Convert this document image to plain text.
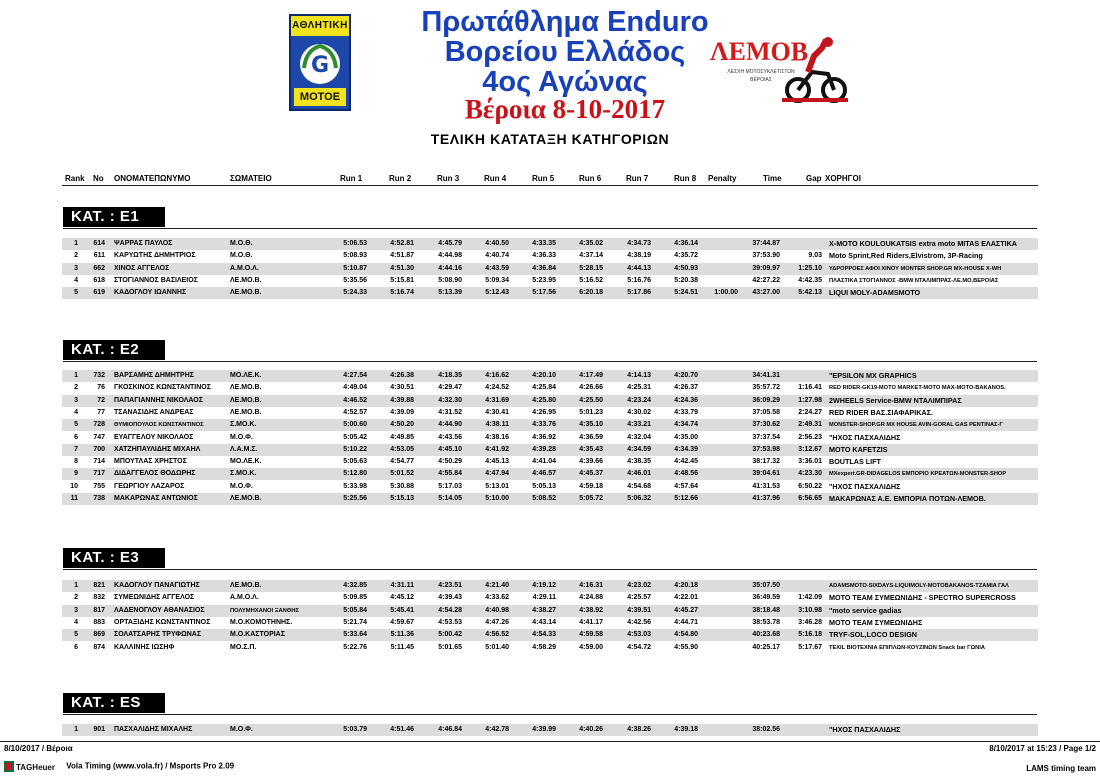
ΑΘΛΗΤΙΚΗ
G
ΜΟΤΟΕ
Πρωτάθλημα Enduro
Βορείου Ελλάδος
4ος Αγώνας
Βέροια 8-10-2017
ΛΕΜΟΒ
ΛΕΣΧΗ ΜΟΤΟΣΥΚΛΕΤΙΣΤΩΝ
ΒΕΡΟΙΑΣ
ΤΕΛΙΚΗ ΚΑΤΑΤΑΞΗ ΚΑΤΗΓΟΡΙΩΝ
Rank No ΟΝΟΜΑΤΕΠΩΝΥΜΟ	ΣΩΜΑΤΕΙΟ	Run 1	Run 2	Run 3	Run 4	Run 5	Run 6	Run 7	Run 8 Penalty	Time	Gap ΧΟΡΗΓΟΙ
ΚΑΤ. : E1
1 614 ΨΑΡΡΑΣ ΠΑΥΛΟΣ	Μ.Ο.Θ.	5:06.53	4:52.81	4:45.79	4:40.50	4:33.35	4:35.02	4:34.73	4:36.14	37:44.87	X-MOTO KOULOUKATSIS extra moto MITAS ΕΛΑΣΤΙΚΑ
2 611 ΚΑΡΥΩΤΗΣ ΔΗΜΗΤΡΙΟΣ	Μ.Ο.Θ.	5:08.93	4:51.87	4:44.98	4:40.74	4:36.33	4:37.14	4:38.19	4:35.72	37:53.90	9.03 Moto Sprint,Red Riders,Elvistrom, 3P-Racing
3 662 ΧΙΝΟΣ ΑΓΓΕΛΟΣ	Α.Μ.Ο.Λ.	5:10.87	4:51.30	4:44.16	4:43.59	4:36.84	5:28.15	4:44.13	4:50.93	39:09.97	1:25.10 ΥΔΡΟΡΡΟΕΣ ΑΦΟΙ ΧΙΝΟΥ MONTER SHOP.GR MX-HOUSE X-WH
4 618 ΣΤΟΓΙΑΝΝΟΣ ΒΑΣΙΛΕΙΟΣ	ΛΕ.ΜΟ.Β.	5:35.56	5:15.81	5:08.90	5:09.34	5:23.95	5:16.52	5:16.76	5:20.38	42:27.22	4:42.35 ΠΛΑΣΤΙΚΑ ΣΤΟΓΙΑΝΝΟΣ -BMW ΝΤΑΛΙΜΠΡΑΣ-ΛΕ.ΜΟ.ΒΕΡΟΙΑΣ
5 619 ΚΑΔΟΓΛΟΥ ΙΩΑΝΝΗΣ	ΛΕ.ΜΟ.Β.	5:24.33	5:16.74	5:13.39	5:12.43	5:17.56	6:20.18	5:17.86	5:24.51 1:00.00 43:27.00	5:42.13 LIQUI MOLY-ADAMSMOTO
ΚΑΤ. : E2
1 732 ΒΑΡΣΑΜΗΣ ΔΗΜΗΤΡΗΣ	ΜΟ.ΛΕ.Κ.	4:27.54	4:26.38	4:18.35	4:16.62	4:20.10	4:17.49	4:14.13	4:20.70	34:41.31	"EPSILON MX GRAPHICS
2	76 ΓΚΟΣΚΙΝΟΣ ΚΩΝΣΤΑΝΤΙΝΟΣ	ΛΕ.ΜΟ.Β.	4:49.04	4:30.51	4:29.47	4:24.52	4:25.84	4:26.66	4:25.31	4:26.37	35:57.72	1:16.41 RED RIDER-GK19-MOTO MARKET-MOTO MAX-MOTO-BAKANOS.
3	72 ΠΑΠΑΓΙΑΝΝΗΣ ΝΙΚΟΛΑΟΣ	ΛΕ.ΜΟ.Β.	4:46.52	4:39.88	4:32.30	4:31.69	4:25.80	4:25.50	4:23.24	4:24.36	36:09.29	1:27.98 2WHEELS Service-BMW ΝΤΑΛΙΜΠΙΡΑΣ
4	77 ΤΣΑΝΑΣΙΔΗΣ ΑΝΔΡΕΑΣ	ΛΕ.ΜΟ.Β.	4:52.57	4:39.09	4:31.52	4:30.41	4:26.95	5:01.23	4:30.02	4:33.79	37:05.58	2:24.27 RED RIDER ΒΑΣ.ΣΙΑΦΑΡΙΚΑΣ.
5 728 ΘΥΜΙΟΠΟΥΛΟΣ ΚΩΝΣΤΑΝΤΙΝΟΣ	Σ.ΜΟ.Κ.	5:00.60	4:50.20	4:44.90	4:38.11	4:33.76	4:35.10	4:33.21	4:34.74	37:30.62	2:49.31 MONSTER-SHOP.GR MX HOUSE AVIN-GORAL GAS PENTINAΣ-Γ
6 747 ΕΥΑΓΓΕΛΟΥ ΝΙΚΟΛΑΟΣ	Μ.Ο.Φ.	5:05.42	4:49.85	4:43.56	4:38.16	4:36.92	4:36.59	4:32.04	4:35.00	37:37.54	2:56.23 "ΗΧΟΣ ΠΑΣΧΑΛΙΔΗΣ
7 700 ΧΑΤΖΗΠΑΥΛΙΔΗΣ ΜΙΧΑΗΛ	Λ.Α.Μ.Σ.	5:10.22	4:53.05	4:45.10	4:41.92	4:39.28	4:35.43	4:34.59	4:34.39	37:53.98	3:12.67 MOTO KAFETZIS
8 714 ΜΠΟΥΤΛΑΣ ΧΡΗΣΤΟΣ	ΜΟ.ΛΕ.Κ.	5:05.63	4:54.77	4:50.29	4:45.13	4:41.04	4:39.66	4:38.35	4:42.45	38:17.32	3:36.01 BOUTLAS LIFT
9 717 ΔΙΔΑΓΓΕΛΟΣ ΘΟΔΩΡΗΣ	Σ.ΜΟ.Κ.	5:12.80	5:01.52	4:55.84	4:47.94	4:46.57	4:45.37	4:46.01	4:48.56	39:04.61	4:23.30 MXexpert.GR-DIDAGELOS ΕΜΠΟΡΙΟ ΚΡΕΑΤΩΝ-MONSTER-SHOP
10 755 ΓΕΩΡΓΙΟΥ ΛΑΖΑΡΟΣ	Μ.Ο.Φ.	5:33.98	5:30.88	5:17.03	5:13.01	5:05.13	4:59.18	4:54.68	4:57.64	41:31.53	6:50.22 "ΗΧΟΣ ΠΑΣΧΑΛΙΔΗΣ
11 738 ΜΑΚΑΡΩΝΑΣ ΑΝΤΩΝΙΟΣ	ΛΕ.ΜΟ.Β.	5:25.56	5:15.13	5:14.05	5:10.00	5:08.52	5:05.72	5:06.32	5:12.66	41:37.96	6:56.65 ΜΑΚΑΡΩΝΑΣ Α.Ε. ΕΜΠΟΡΙΑ ΠΟΤΩΝ-ΛΕΜΟΒ.
ΚΑΤ. : E3
1 821 ΚΑΔΟΓΛΟΥ ΠΑΝΑΓΙΩΤΗΣ	ΛΕ.ΜΟ.Β.	4:32.85	4:31.11	4:23.51	4:21.40	4:19.12	4:16.31	4:23.02	4:20.18	35:07.50	ADAMSMOTO-SIXDAYS-LIQUIMOLY-MOTOBAKANOS-TZAMIA ΓΑΛ
2 832 ΣΥΜΕΩΝΙΔΗΣ ΑΓΓΕΛΟΣ	Α.Μ.Ο.Λ.	5:09.85	4:45.12	4:39.43	4:33.62	4:29.11	4:24.88	4:25.57	4:22.01	36:49.59	1:42.09 MOTO TEAM ΣΥΜΕΩΝΙΔΗΣ - SPECTRO SUPERCROSS
3 817 ΛΑΔΕΝΟΓΛΟΥ ΑΘΑΝΑΣΙΟΣ	ΠΟΛΥΜΗΧΑΝΟΙ ΞΑΝΘΗΣ	5:05.84	5:45.41	4:54.28	4:40.98	4:38.27	4:38.92	4:39.51	4:45.27	38:18.48	3:10.98 "moto service gadias
4 883 ΟΡΤΑΞΙΔΗΣ ΚΩΝΣΤΑΝΤΙΝΟΣ	Μ.Ο.ΚΟΜΟΤΗΝΗΣ.	5:21.74	4:59.67	4:53.53	4:47.26	4:43.14	4:41.17	4:42.56	4:44.71	38:53.78	3:46.28 MOTO TEAM ΣΥΜΕΩΝΙΔΗΣ
5 869 ΣΟΛΑΤΣΑΡΗΣ ΤΡΥΦΩΝΑΣ	Μ.Ο.ΚΑΣΤΟΡΙΑΣ	5:33.64	5:11.36	5:00.42	4:56.52	4:54.33	4:59.58	4:53.03	4:54.80	40:23.68	5:16.18 TRYF-SOL,LOCO DESIGN
6 874 ΚΑΛΛΙΝΗΣ ΙΩΣΗΦ	ΜΟ.Σ.Π.	5:22.76	5:11.45	5:01.65	5:01.40	4:58.29	4:59.00	4:54.72	4:55.90	40:25.17	5:17.67 TEXIL ΒΙΟΤΕΧΝΙΑ ΕΠΙΠΛΩΝ-ΚΟΥΖΙΝΩΝ Snack bar ΓΩΝΙΑ
ΚΑΤ. : ES
1 901 ΠΑΣΧΑΛΙΔΗΣ ΜΙΧΑΛΗΣ	Μ.Ο.Φ.	5:03.79	4:51.46	4:46.84	4:42.78	4:39.99	4:40.26	4:38.26	4:39.18	38:02.56	"ΗΧΟΣ ΠΑΣΧΑΛΙΔΗΣ
8/10/2017 / Βέροια	8/10/2017 at 15:23 / Page 1/2
TAGHeuer Vola Timing (www.vola.fr) / Msports Pro 2.09	LAMS timing team
